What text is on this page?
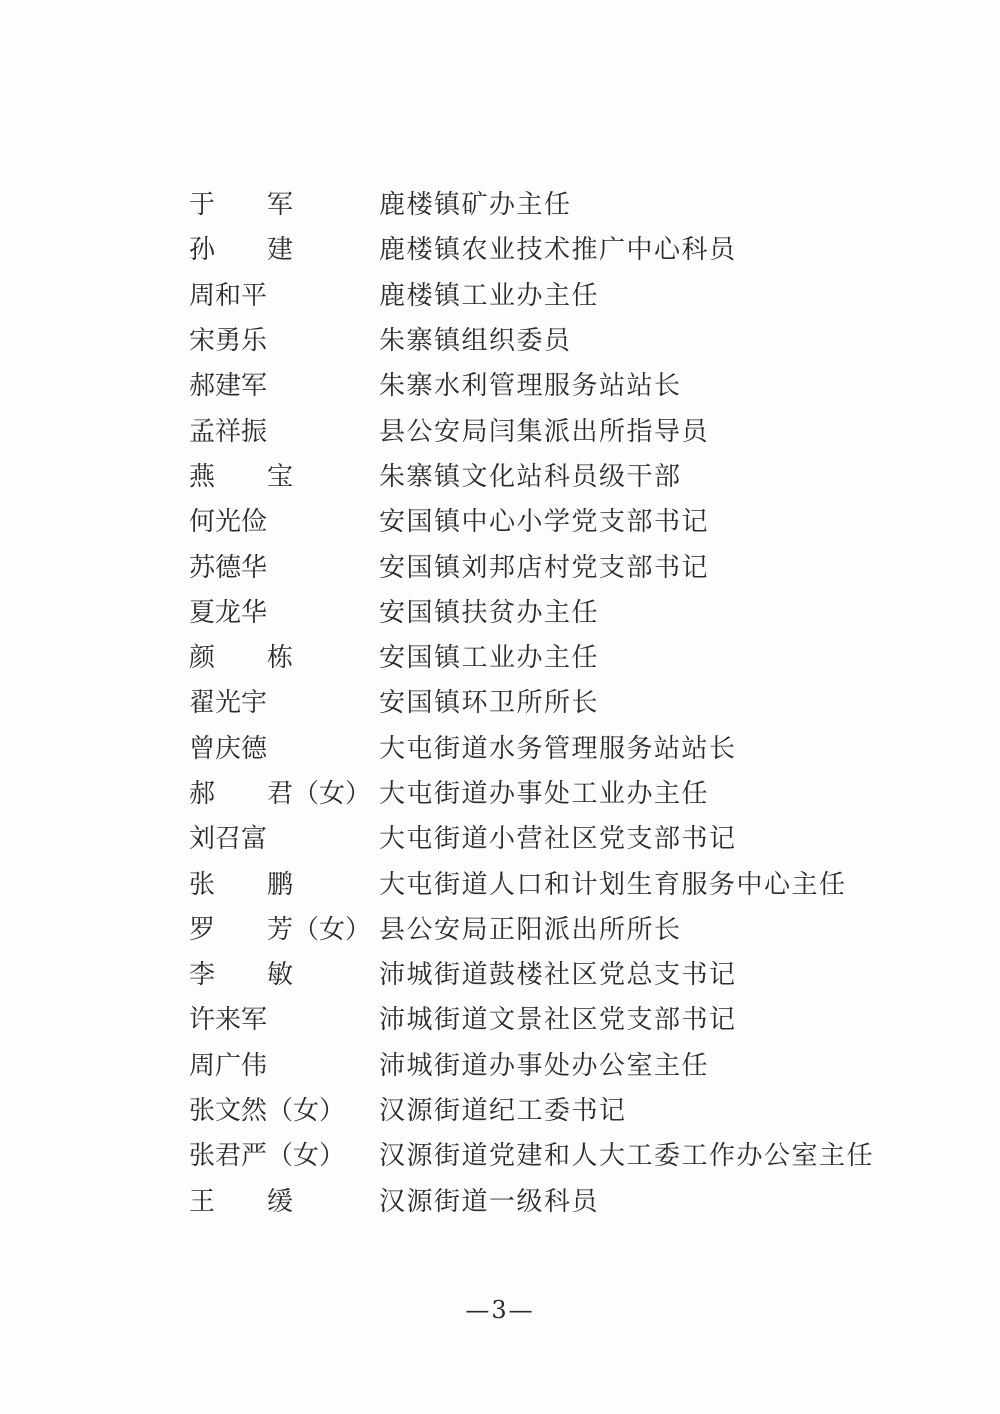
于　　军	鹿楼镇矿办主任
孙　　建	鹿楼镇农业技术推广中心科员
周和平	鹿楼镇工业办主任
宋勇乐	朱寨镇组织委员
郝建军	朱寨水利管理服务站站长
孟祥振	县公安局闫集派出所指导员
燕　　宝	朱寨镇文化站科员级干部
何光俭	安国镇中心小学党支部书记
苏德华	安国镇刘邦店村党支部书记
夏龙华	安国镇扶贫办主任
颜　　栋	安国镇工业办主任
翟光宇	安国镇环卫所所长
曾庆德	大屯街道水务管理服务站站长
郝　　君（女） 大屯街道办事处工业办主任
刘召富	大屯街道小营社区党支部书记
张　　鹏	大屯街道人口和计划生育服务中心主任
罗　　芳（女） 县公安局正阳派出所所长
李　　敏	沛城街道鼓楼社区党总支书记
许来军	沛城街道文景社区党支部书记
周广伟	沛城街道办事处办公室主任
张文然（女）	汉源街道纪工委书记
张君严（女）	汉源街道党建和人大工委工作办公室主任
王　　缓	汉源街道一级科员
—3—
